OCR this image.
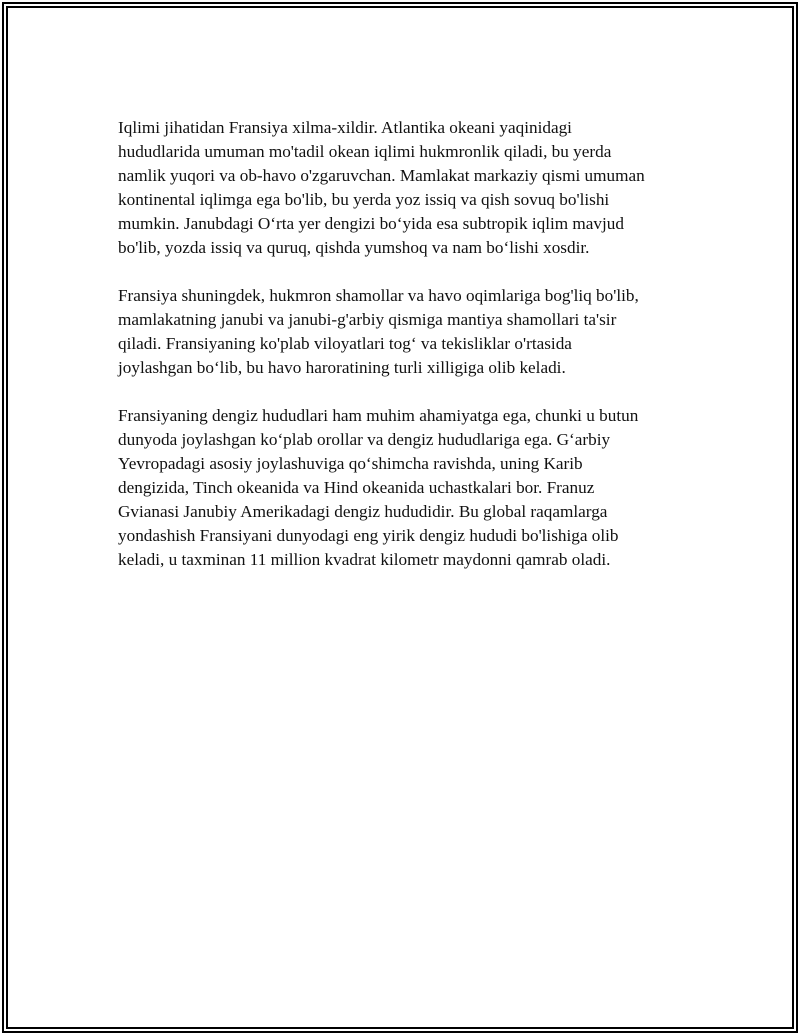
Iqlimi jihatidan Fransiya xilma-xildir. Atlantika okeani yaqinidagi
hududlarida umuman mo'tadil okean iqlimi hukmronlik qiladi, bu yerda
namlik yuqori va ob-havo o'zgaruvchan. Mamlakat markaziy qismi umuman
kontinental iqlimga ega bo'lib, bu yerda yoz issiq va qish sovuq bo'lishi
mumkin. Janubdagi O‘rta yer dengizi bo‘yida esa subtropik iqlim mavjud
bo'lib, yozda issiq va quruq, qishda yumshoq va nam bo‘lishi xosdir.

Fransiya shuningdek, hukmron shamollar va havo oqimlariga bog'liq bo'lib,
mamlakatning janubi va janubi-g'arbiy qismiga mantiya shamollari ta'sir
qiladi. Fransiyaning ko'plab viloyatlari tog‘ va tekisliklar o'rtasida
joylashgan bo‘lib, bu havo haroratining turli xilligiga olib keladi.

Fransiyaning dengiz hududlari ham muhim ahamiyatga ega, chunki u butun
dunyoda joylashgan ko‘plab orollar va dengiz hududlariga ega. G‘arbiy
Yevropadagi asosiy joylashuviga qo‘shimcha ravishda, uning Karib
dengizida, Tinch okeanida va Hind okeanida uchastkalari bor. Franuz
Gvianasi Janubiy Amerikadagi dengiz hududidir. Bu global raqamlarga
yondashish Fransiyani dunyodagi eng yirik dengiz hududi bo'lishiga olib
keladi, u taxminan 11 million kvadrat kilometr maydonni qamrab oladi.
